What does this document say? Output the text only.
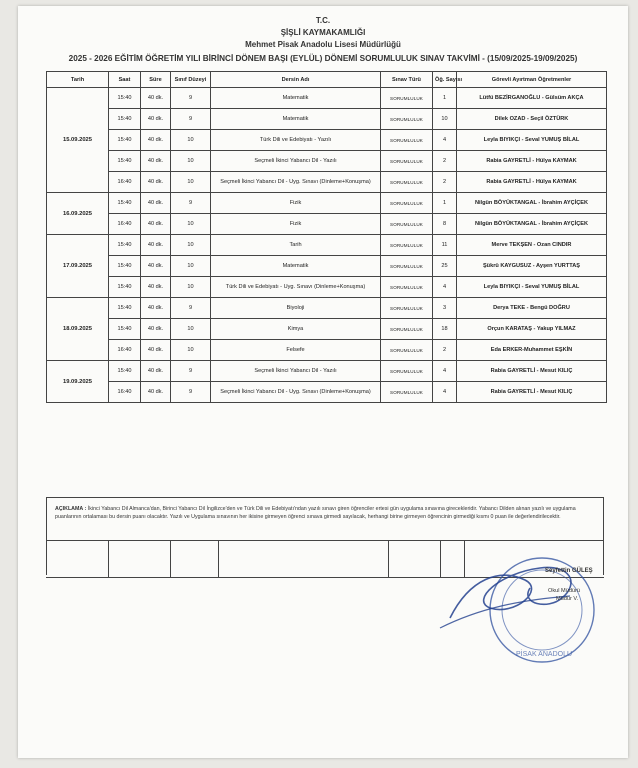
T.C.
ŞİŞLİ KAYMAKAMLIĞI
Mehmet Pisak Anadolu Lisesi Müdürlüğü
2025 - 2026 EĞİTİM ÖĞRETİM YILI BİRİNCİ DÖNEM BAŞI (EYLÜL) DÖNEMİ SORUMLULUK SINAV TAKVİMİ - (15/09/2025-19/09/2025)
Tarih	Saat	Süre	Sınıf Düzeyi	Dersin Adı	Sınav Türü	Öğ. Sayısı	Görevli Ayırtman Öğretmenler
15.09.2025	15:40	40 dk.	9	Matematik	SORUMLULUK	1	Lütfü BEZİRGANOĞLU - Gülsüm AKÇA
	15:40	40 dk.	9	Matematik	SORUMLULUK	10	Dilek OZAD - Seçil ÖZTÜRK
	15:40	40 dk.	10	Türk Dili ve Edebiyatı - Yazılı	SORUMLULUK	4	Leyla BIYIKÇI - Seval YUMUŞ BİLAL
	15:40	40 dk.	10	Seçmeli İkinci Yabancı Dil - Yazılı	SORUMLULUK	2	Rabia GAYRETLİ - Hülya KAYMAK
	16:40	40 dk.	10	Seçmeli İkinci Yabancı Dil - Uyg. Sınavı (Dinleme+Konuşma)	SORUMLULUK	2	Rabia GAYRETLİ - Hülya KAYMAK
16.09.2025	15:40	40 dk.	9	Fizik	SORUMLULUK	1	Nilgün BÖYÜKTANGAL - İbrahim AYÇİÇEK
	16:40	40 dk.	10	Fizik	SORUMLULUK	8	Nilgün BÖYÜKTANGAL - İbrahim AYÇİÇEK
17.09.2025	15:40	40 dk.	10	Tarih	SORUMLULUK	11	Merve TEKŞEN - Ozan CINDIR
	15:40	40 dk.	10	Matematik	SORUMLULUK	25	Şükrü KAYGUSUZ - Ayşen YURTTAŞ
	15:40	40 dk.	10	Türk Dili ve Edebiyatı - Uyg. Sınavı (Dinleme+Konuşma)	SORUMLULUK	4	Leyla BIYIKÇI - Seval YUMUŞ BİLAL
18.09.2025	15:40	40 dk.	9	Biyoloji	SORUMLULUK	3	Derya TEKE - Bengü DOĞRU
	15:40	40 dk.	10	Kimya	SORUMLULUK	18	Orçun KARATAŞ - Yakup YILMAZ
	16:40	40 dk.	10	Felsefe	SORUMLULUK	2	Eda ERKER-Muhammet EŞKİN
19.09.2025	15:40	40 dk.	9	Seçmeli İkinci Yabancı Dil - Yazılı	SORUMLULUK	4	Rabia GAYRETLİ - Mesut KILIÇ
	16:40	40 dk.	9	Seçmeli İkinci Yabancı Dil - Uyg. Sınavı (Dinleme+Konuşma)	SORUMLULUK	4	Rabia GAYRETLİ - Mesut KILIÇ
AÇIKLAMA : İkinci Yabancı Dil Almanca'dan, Birinci Yabancı Dil İngilizce'den ve Türk Dili ve Edebiyatı'ndan yazılı sınavı giren öğrenciler ertesi gün uygulama sınavına girecekleridir. Yabancı Dilden alınan yazılı ve uygulama puanlarının ortalaması bu dersin puanı olacaktır. Yazılı ve Uygulama sınavının her ikisine girmeyen öğrenci sınava girmedi sayılacak, herhangi birine girmeyen öğrencinin girmediği kısmı 0 puan ile değerlendirilecektir.
PİSAK ANADOLU
Seyfettin GÜLEŞ
Okul Müdürü
Müdür V.
